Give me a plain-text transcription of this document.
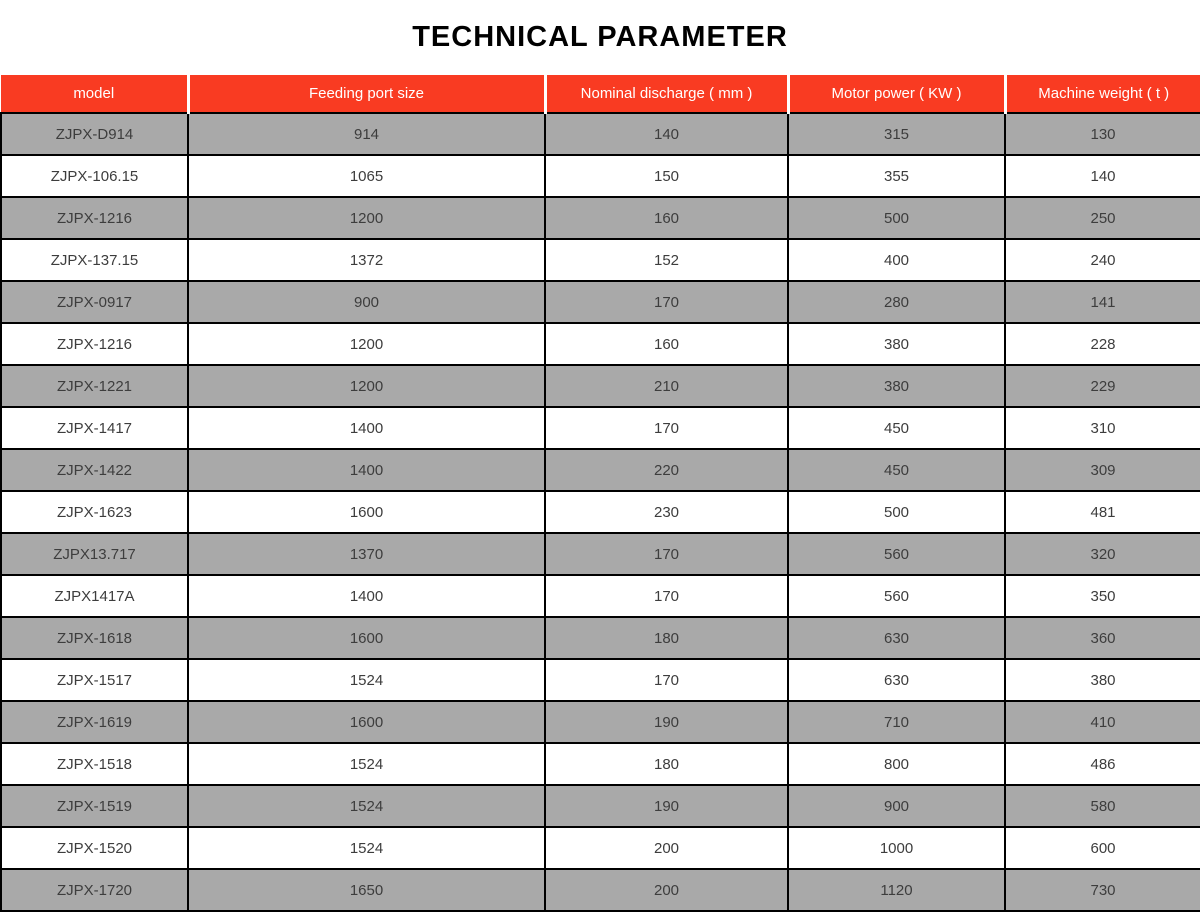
TECHNICAL PARAMETER
model	Feeding port size	Nominal discharge ( mm )	Motor power ( KW )	Machine weight ( t )
ZJPX-D914	914	140	315	130
ZJPX-106.15	1065	150	355	140
ZJPX-1216	1200	160	500	250
ZJPX-137.15	1372	152	400	240
ZJPX-0917	900	170	280	141
ZJPX-1216	1200	160	380	228
ZJPX-1221	1200	210	380	229
ZJPX-1417	1400	170	450	310
ZJPX-1422	1400	220	450	309
ZJPX-1623	1600	230	500	481
ZJPX13.717	1370	170	560	320
ZJPX1417A	1400	170	560	350
ZJPX-1618	1600	180	630	360
ZJPX-1517	1524	170	630	380
ZJPX-1619	1600	190	710	410
ZJPX-1518	1524	180	800	486
ZJPX-1519	1524	190	900	580
ZJPX-1520	1524	200	1000	600
ZJPX-1720	1650	200	1120	730
